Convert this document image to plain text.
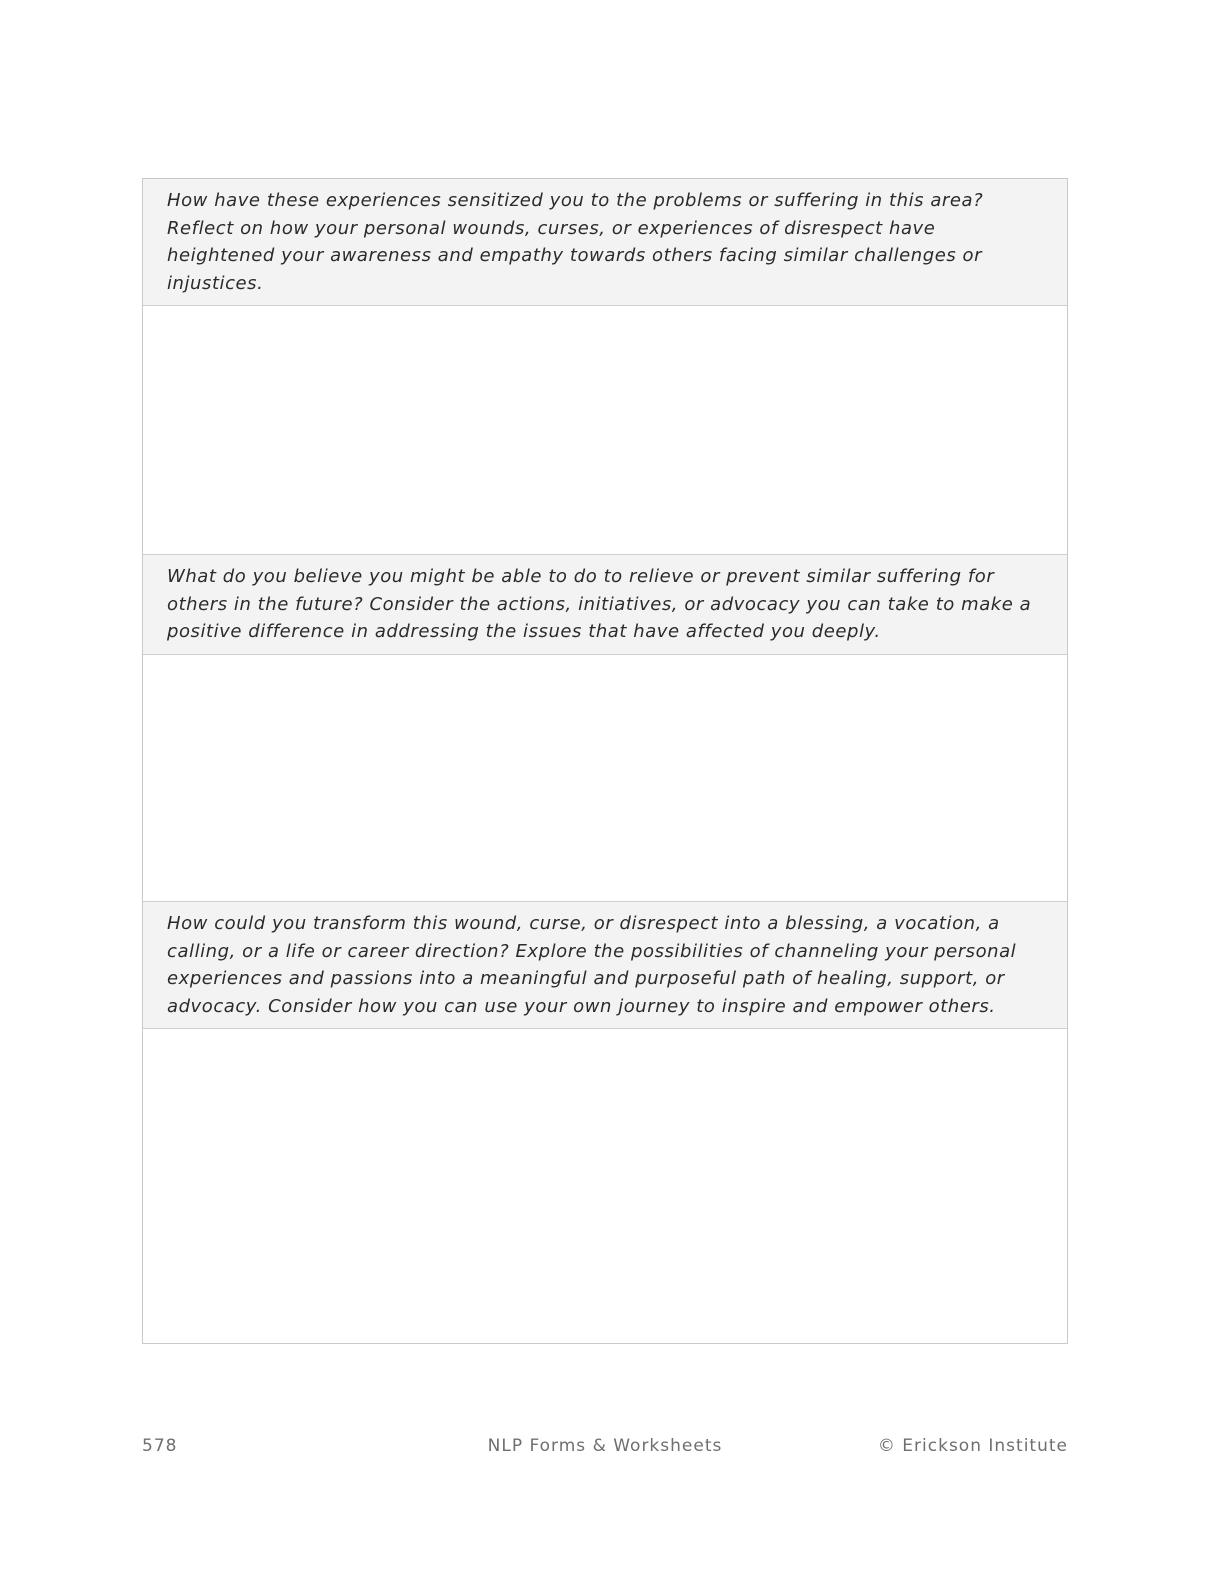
How have these experiences sensitized you to the problems or suffering in this area? Reflect on how your personal wounds, curses, or experiences of disrespect have heightened your awareness and empathy towards others facing similar challenges or injustices.
What do you believe you might be able to do to relieve or prevent similar suffering for others in the future? Consider the actions, initiatives, or advocacy you can take to make a positive difference in addressing the issues that have affected you deeply.
How could you transform this wound, curse, or disrespect into a blessing, a vocation, a calling, or a life or career direction? Explore the possibilities of channeling your personal experiences and passions into a meaningful and purposeful path of healing, support, or advocacy. Consider how you can use your own journey to inspire and empower others.
578	NLP Forms & Worksheets	© Erickson Institute
